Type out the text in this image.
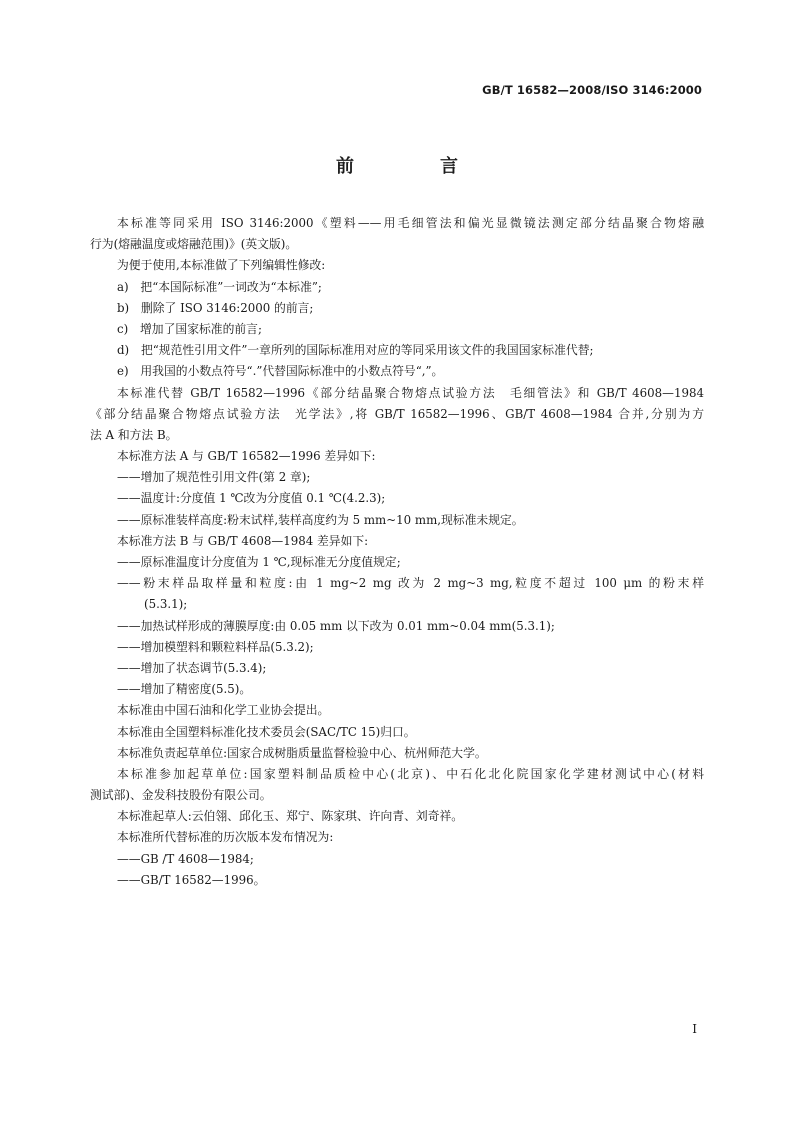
GB/T 16582—2008/ISO 3146:2000
前　言
本标准等同采用 ISO 3146:2000《塑料——用毛细管法和偏光显微镜法测定部分结晶聚合物熔融
行为(熔融温度或熔融范围)》(英文版)。
为便于使用,本标准做了下列编辑性修改:
a)　把“本国际标准”一词改为“本标准”;
b)　删除了 ISO 3146:2000 的前言;
c)　增加了国家标准的前言;
d)　把“规范性引用文件”一章所列的国际标准用对应的等同采用该文件的我国国家标准代替;
e)　用我国的小数点符号“.”代替国际标准中的小数点符号“,”。
本标准代替 GB/T 16582—1996《部分结晶聚合物熔点试验方法　毛细管法》和 GB/T 4608—1984
《部分结晶聚合物熔点试验方法　光学法》,将 GB/T 16582—1996、GB/T 4608—1984 合并,分别为方
法 A 和方法 B。
本标准方法 A 与 GB/T 16582—1996 差异如下:
——增加了规范性引用文件(第 2 章);
——温度计:分度值 1 ℃改为分度值 0.1 ℃(4.2.3);
——原标准装样高度:粉末试样,装样高度约为 5 mm~10 mm,现标准未规定。
本标准方法 B 与 GB/T 4608—1984 差异如下:
——原标准温度计分度值为 1 ℃,现标准无分度值规定;
——粉末样品取样量和粒度:由 1 mg~2 mg 改为 2 mg~3 mg,粒度不超过 100 μm 的粉末样
(5.3.1);
——加热试样形成的薄膜厚度:由 0.05 mm 以下改为 0.01 mm~0.04 mm(5.3.1);
——增加模塑料和颗粒料样品(5.3.2);
——增加了状态调节(5.3.4);
——增加了精密度(5.5)。
本标准由中国石油和化学工业协会提出。
本标准由全国塑料标准化技术委员会(SAC/TC 15)归口。
本标准负责起草单位:国家合成树脂质量监督检验中心、杭州师范大学。
本标准参加起草单位:国家塑料制品质检中心(北京)、中石化北化院国家化学建材测试中心(材料
测试部)、金发科技股份有限公司。
本标准起草人:云伯翎、邱化玉、郑宁、陈家琪、许向青、刘奇祥。
本标准所代替标准的历次版本发布情况为:
——GB /T 4608—1984;
——GB/T 16582—1996。
I
